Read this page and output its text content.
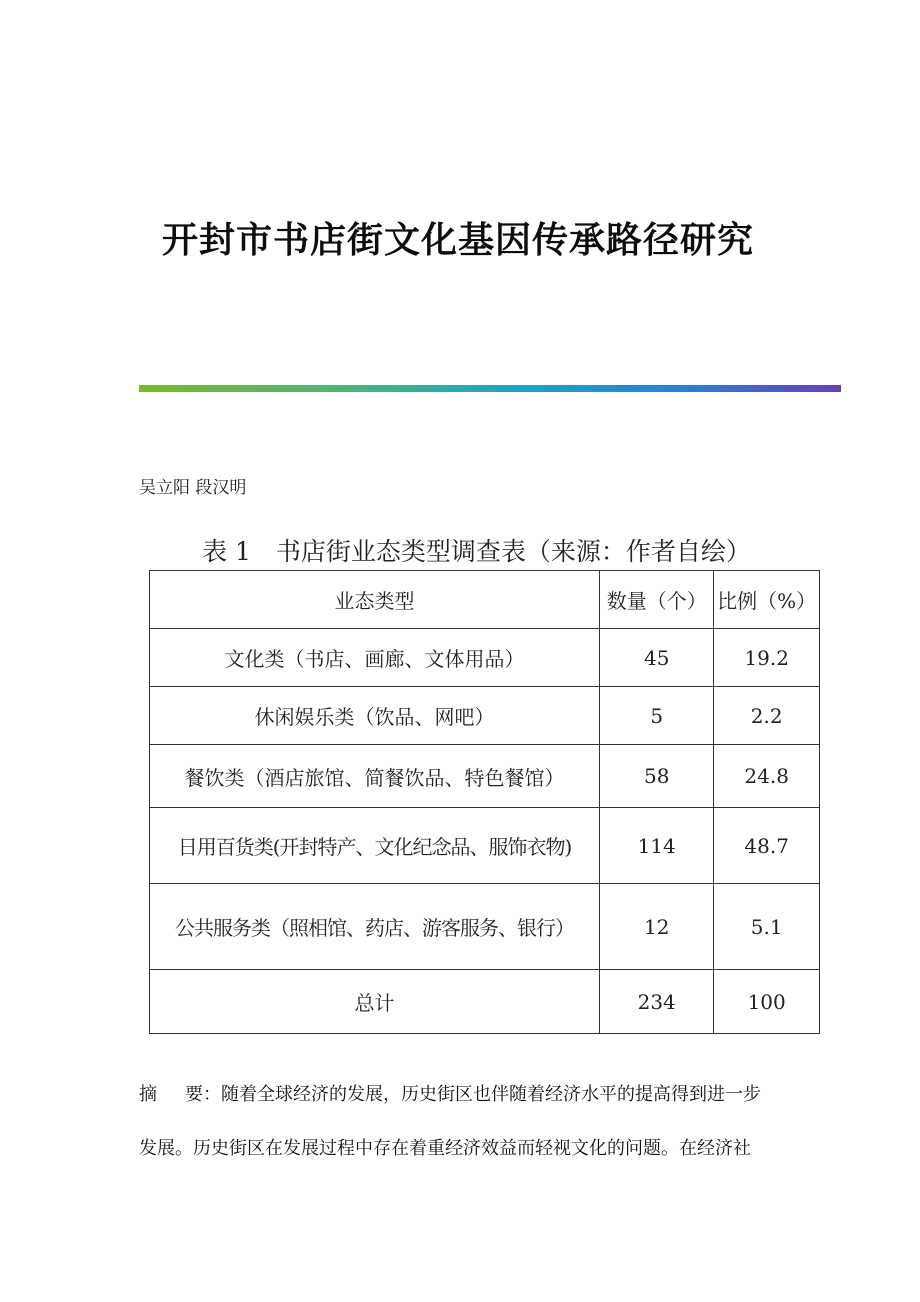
开封市书店街文化基因传承路径研究
吴立阳 段汉明
表 1　书店街业态类型调查表（来源：作者自绘）
业态类型	数量（个）	比例（%）
文化类（书店、画廊、文体用品）	45	19.2
休闲娱乐类（饮品、网吧）	5	2.2
餐饮类（酒店旅馆、简餐饮品、特色餐馆）	58	24.8
日用百货类(开封特产、文化纪念品、服饰衣物)	114	48.7
公共服务类（照相馆、药店、游客服务、银行）	12	5.1
总计	234	100
摘 要：随着全球经济的发展，历史街区也伴随着经济水平的提高得到进一步
发展。历史街区在发展过程中存在着重经济效益而轻视文化的问题。在经济社
